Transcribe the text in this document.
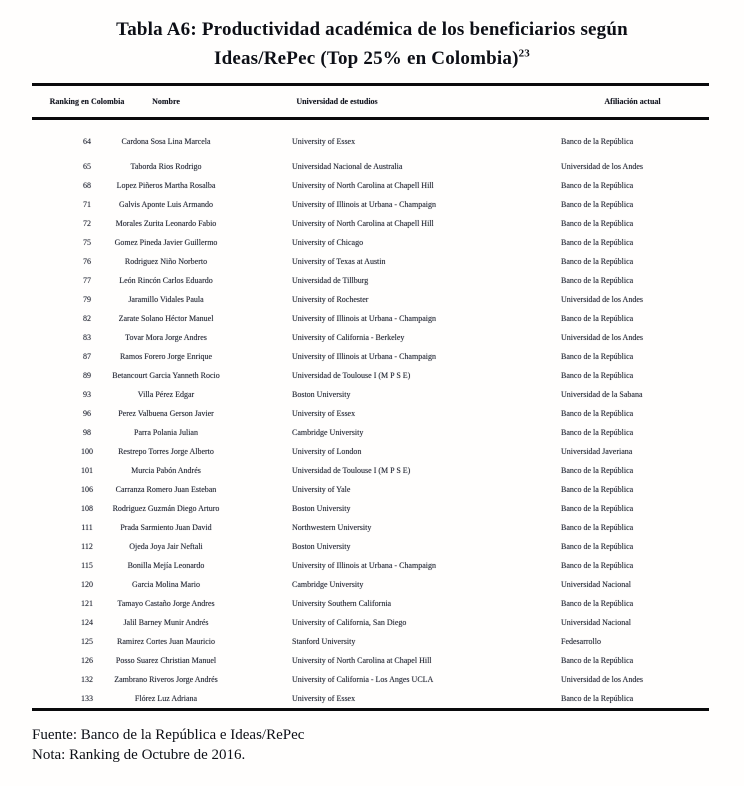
Tabla A6: Productividad académica de los beneficiarios según
Ideas/RePec (Top 25% en Colombia)$^{23}$
Ranking en Colombia	Nombre	Universidad de estudios	Afiliación actual
64	Cardona Sosa Lina Marcela	University of Essex	Banco de la República
65	Taborda Rios Rodrigo	Universidad Nacional de Australia	Universidad de los Andes
68	Lopez Piñeros Martha Rosalba	University of North Carolina at Chapell Hill	Banco de la República
71	Galvis Aponte Luis Armando	University of Illinois at Urbana - Champaign	Banco de la República
72	Morales Zurita Leonardo Fabio	University of North Carolina at Chapell Hill	Banco de la República
75	Gomez Pineda Javier Guillermo	University of Chicago	Banco de la República
76	Rodriguez Niño Norberto	University of Texas at Austin	Banco de la República
77	León Rincón Carlos Eduardo	Universidad de Tillburg	Banco de la República
79	Jaramillo Vidales Paula	University of Rochester	Universidad de los Andes
82	Zarate Solano Héctor Manuel	University of Illinois at Urbana - Champaign	Banco de la República
83	Tovar Mora Jorge Andres	University of California - Berkeley	Universidad de los Andes
87	Ramos Forero Jorge Enrique	University of Illinois at Urbana - Champaign	Banco de la República
89	Betancourt Garcia Yanneth Rocio	Universidad de Toulouse I (M P S E)	Banco de la República
93	Villa Pérez Edgar	Boston University	Universidad de la Sabana
96	Perez Valbuena Gerson Javier	University of Essex	Banco de la República
98	Parra Polania Julian	Cambridge University	Banco de la República
100	Restrepo Torres Jorge Alberto	University of London	Universidad Javeriana
101	Murcia Pabón Andrés	Universidad de Toulouse I (M P S E)	Banco de la República
106	Carranza Romero Juan Esteban	University of Yale	Banco de la República
108	Rodriguez Guzmán Diego Arturo	Boston University	Banco de la República
111	Prada Sarmiento Juan David	Northwestern University	Banco de la República
112	Ojeda Joya Jair Neftali	Boston University	Banco de la República
115	Bonilla Mejía Leonardo	University of Illinois at Urbana - Champaign	Banco de la República
120	Garcia Molina Mario	Cambridge University	Universidad Nacional
121	Tamayo Castaño Jorge Andres	University Southern California	Banco de la República
124	Jalil Barney Munir Andrés	University of California, San Diego	Universidad Nacional
125	Ramirez Cortes Juan Mauricio	Stanford University	Fedesarrollo
126	Posso Suarez Christian Manuel	University of North Carolina at Chapel Hill	Banco de la República
132	Zambrano Riveros Jorge Andrés	University of California - Los Anges UCLA	Universidad de los Andes
133	Flórez Luz Adriana	University of Essex	Banco de la República
Fuente: Banco de la República e Ideas/RePec
Nota: Ranking de Octubre de 2016.
